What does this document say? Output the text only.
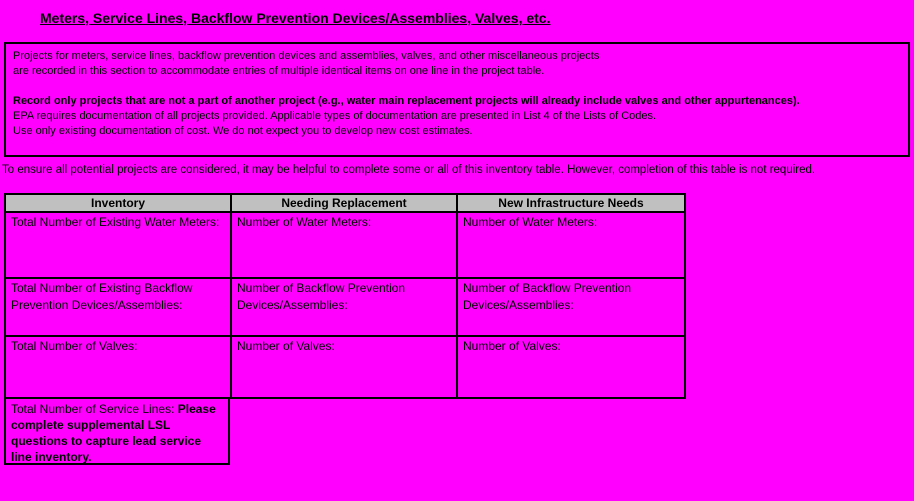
Meters, Service Lines, Backflow Prevention Devices/Assemblies, Valves, etc.
Projects for meters, service lines, backflow prevention devices and assemblies, valves, and other miscellaneous projects
are recorded in this section to accommodate entries of multiple identical items on one line in the project table.
Record only projects that are not a part of another project (e.g., water main replacement projects will already include valves and other appurtenances).
EPA requires documentation of all projects provided. Applicable types of documentation are presented in List 4 of the Lists of Codes.
Use only existing documentation of cost. We do not expect you to develop new cost estimates.
To ensure all potential projects are considered, it may be helpful to complete some or all of this inventory table. However, completion of this table is not required.
Inventory	Needing Replacement	New Infrastructure Needs
Total Number of Existing Water Meters:	Number of Water Meters:	Number of Water Meters:
Total Number of Existing Backflow Prevention Devices/Assemblies:	Number of Backflow Prevention Devices/Assemblies:	Number of Backflow Prevention Devices/Assemblies:
Total Number of Valves:	Number of Valves:	Number of Valves:
Total Number of Service Lines: Please complete supplemental LSL questions to capture lead service line inventory.
